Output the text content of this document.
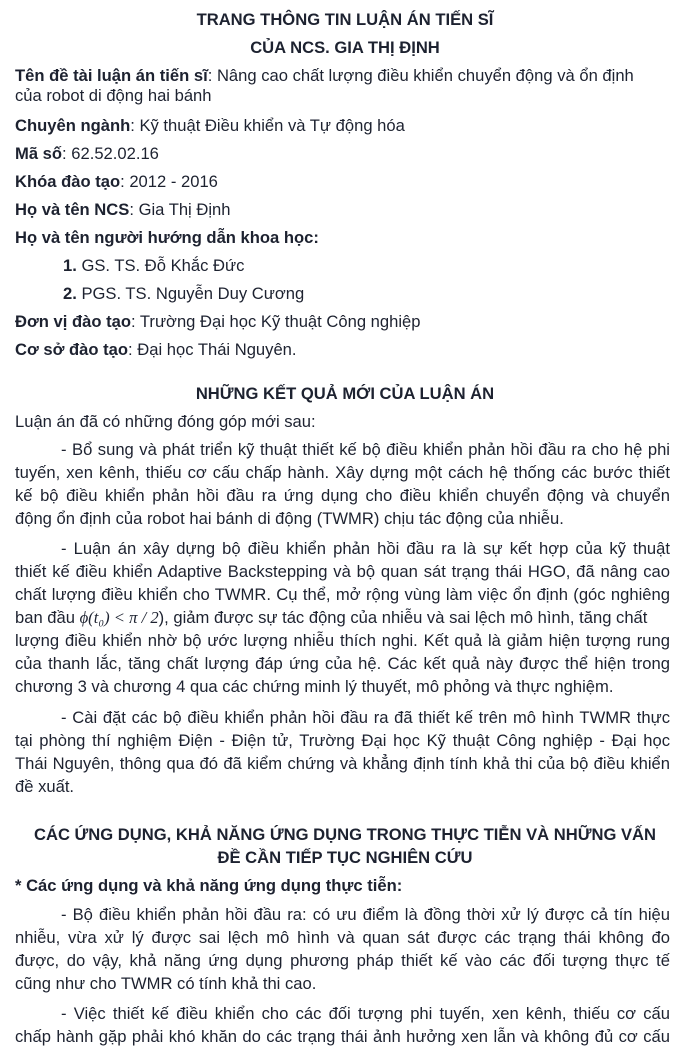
TRANG THÔNG TIN LUẬN ÁN TIẾN SĨ
CỦA NCS. GIA THỊ ĐỊNH
Tên đề tài luận án tiến sĩ: Nâng cao chất lượng điều khiển chuyển động và ổn định
của robot di động hai bánh
Chuyên ngành: Kỹ thuật Điều khiển và Tự động hóa
Mã số: 62.52.02.16
Khóa đào tạo: 2012 - 2016
Họ và tên NCS: Gia Thị Định
Họ và tên người hướng dẫn khoa học:
1. GS. TS. Đỗ Khắc Đức
2. PGS. TS. Nguyễn Duy Cương
Đơn vị đào tạo: Trường Đại học Kỹ thuật Công nghiệp
Cơ sở đào tạo: Đại học Thái Nguyên.
NHỮNG KẾT QUẢ MỚI CỦA LUẬN ÁN
Luận án đã có những đóng góp mới sau:
- Bổ sung và phát triển kỹ thuật thiết kế bộ điều khiển phản hồi đầu ra cho hệ phi
tuyến, xen kênh, thiếu cơ cấu chấp hành. Xây dựng một cách hệ thống các bước thiết
kế bộ điều khiển phản hồi đầu ra ứng dụng cho điều khiển chuyển động và chuyển
động ổn định của robot hai bánh di động (TWMR) chịu tác động của nhiễu.
- Luận án xây dựng bộ điều khiển phản hồi đầu ra là sự kết hợp của kỹ thuật
thiết kế điều khiển Adaptive Backstepping và bộ quan sát trạng thái HGO, đã nâng cao
chất lượng điều khiển cho TWMR. Cụ thể, mở rộng vùng làm việc ổn định (góc nghiêng
ban đầu ϕ(t₀) < π / 2), giảm được sự tác động của nhiễu và sai lệch mô hình, tăng chất
lượng điều khiển nhờ bộ ước lượng nhiễu thích nghi. Kết quả là giảm hiện tượng rung
của thanh lắc, tăng chất lượng đáp ứng của hệ. Các kết quả này được thể hiện trong
chương 3 và chương 4 qua các chứng minh lý thuyết, mô phỏng và thực nghiệm.
- Cài đặt các bộ điều khiển phản hồi đầu ra đã thiết kế trên mô hình TWMR thực
tại phòng thí nghiệm Điện - Điện tử, Trường Đại học Kỹ thuật Công nghiệp - Đại học
Thái Nguyên, thông qua đó đã kiểm chứng và khẳng định tính khả thi của bộ điều khiển
đề xuất.
CÁC ỨNG DỤNG, KHẢ NĂNG ỨNG DỤNG TRONG THỰC TIỄN VÀ NHỮNG VẤN
ĐỀ CẦN TIẾP TỤC NGHIÊN CỨU
* Các ứng dụng và khả năng ứng dụng thực tiễn:
- Bộ điều khiển phản hồi đầu ra: có ưu điểm là đồng thời xử lý được cả tín hiệu
nhiễu, vừa xử lý được sai lệch mô hình và quan sát được các trạng thái không đo
được, do vậy, khả năng ứng dụng phương pháp thiết kế vào các đối tượng thực tế
cũng như cho TWMR có tính khả thi cao.
- Việc thiết kế điều khiển cho các đối tượng phi tuyến, xen kênh, thiếu cơ cấu
chấp hành gặp phải khó khăn do các trạng thái ảnh hưởng xen lẫn và không đủ cơ cấu
